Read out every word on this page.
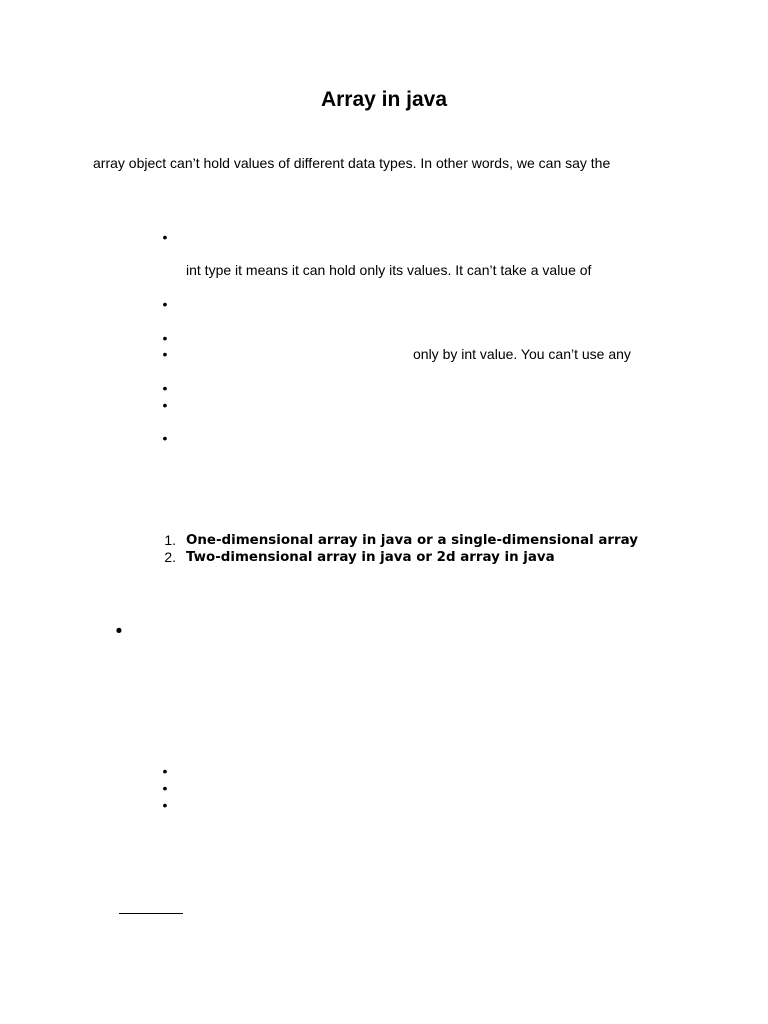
Array in java
array object can’t hold values of different data types. In other words, we can say the
•
int type it means it can hold only its values. It can’t take a value of
•
•
•	only by int value. You can’t use any
•
•
•
1. One-dimensional array in java or a single-dimensional array
2. Two-dimensional array in java or 2d array in java
•
•
•
•
